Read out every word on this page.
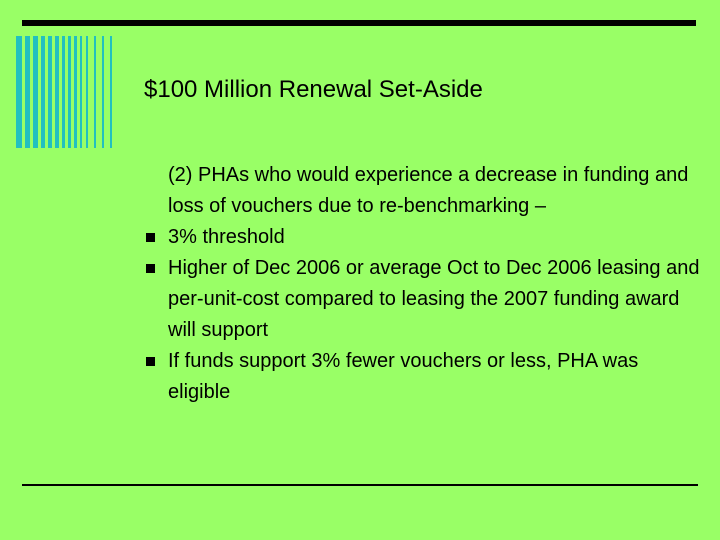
$100 Million Renewal Set-Aside

(2) PHAs who would experience a decrease in funding and loss of vouchers due to re-benchmarking –

3% threshold
Higher of Dec 2006 or average Oct to Dec 2006 leasing and per-unit-cost compared to leasing the 2007 funding award will support
If funds support 3% fewer vouchers or less, PHA was eligible
